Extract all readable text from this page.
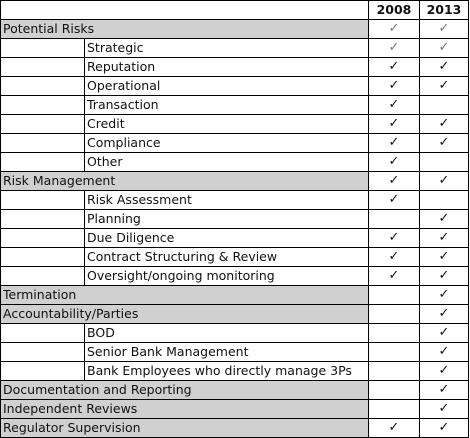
		2008	2013
Potential Risks		✓	✓
	Strategic	✓	✓
	Reputation	✓	✓
	Operational	✓	✓
	Transaction	✓	
	Credit	✓	✓
	Compliance	✓	✓
	Other	✓	
Risk Management		✓	✓
	Risk Assessment	✓	
	Planning		✓
	Due Diligence	✓	✓
	Contract Structuring & Review	✓	✓
	Oversight/ongoing monitoring	✓	✓
Termination			✓
Accountability/Parties			✓
	BOD		✓
	Senior Bank Management		✓
	Bank Employees who directly manage 3Ps		✓
Documentation and Reporting			✓
Independent Reviews			✓
Regulator Supervision		✓	✓
